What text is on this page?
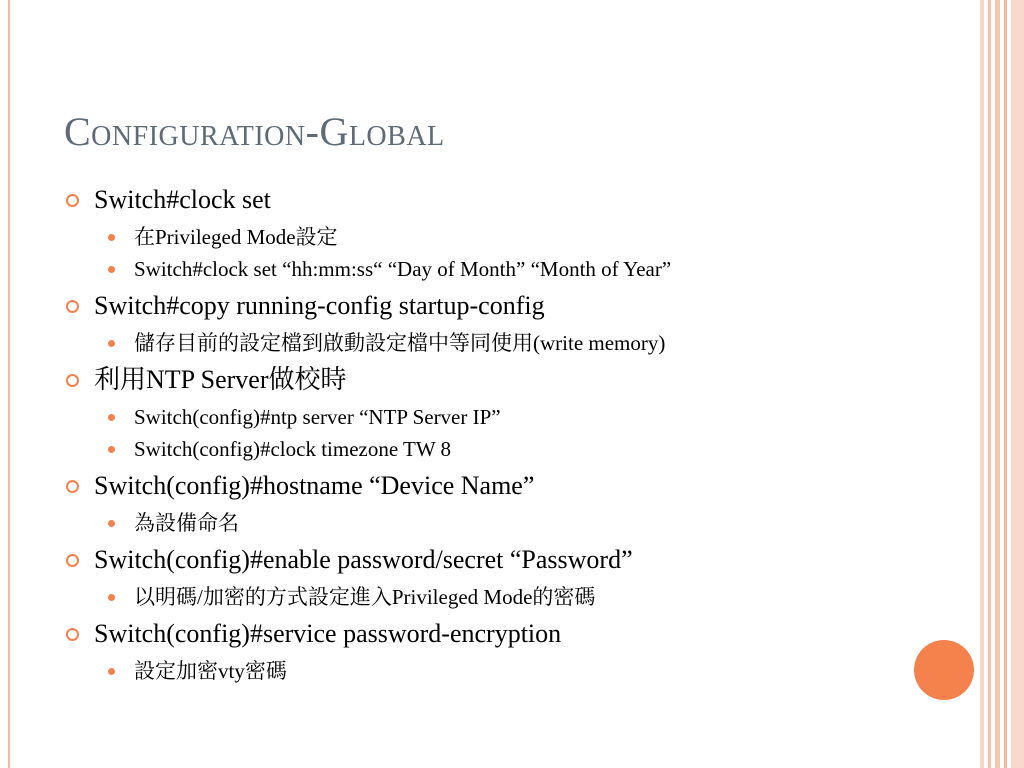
Configuration-Global
Switch#clock set
在Privileged Mode設定
Switch#clock set “hh:mm:ss“ “Day of Month” “Month of Year”
Switch#copy running-config startup-config
儲存目前的設定檔到啟動設定檔中等同使用(write memory)
利用NTP Server做校時
Switch(config)#ntp server “NTP Server IP”
Switch(config)#clock timezone TW 8
Switch(config)#hostname “Device Name”
為設備命名
Switch(config)#enable password/secret “Password”
以明碼/加密的方式設定進入Privileged Mode的密碼
Switch(config)#service password-encryption
設定加密vty密碼
